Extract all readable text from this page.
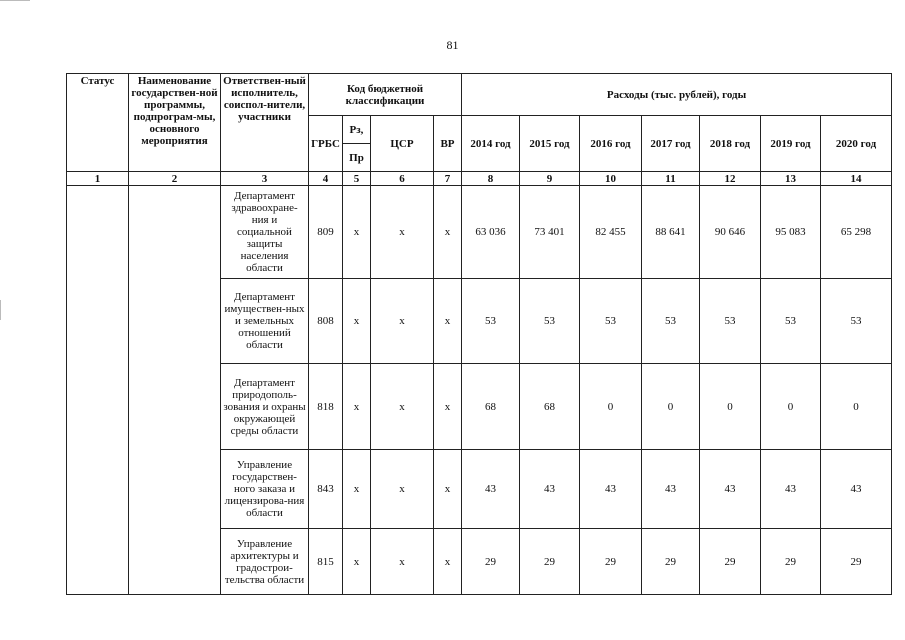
81
Статус	Наименование государствен-ной программы, подпрограм-мы, основного мероприятия	Ответствен-ный исполнитель, соиспол-нители, участники	Код бюджетной классификации				Расходы (тыс. рублей), годы						
			ГРБС	Рз,	ЦСР	ВР	2014 год	2015 год	2016 год	2017 год	2018 год	2019 год	2020 год
				Пр									
1	2	3	4	5	6	7	8	9	10	11	12	13	14
		Департамент здравоохране-ния и социальной защиты населения области	809	х	х	х	63 036	73 401	82 455	88 641	90 646	95 083	65 298
		Департамент имуществен-ных и земельных отношений области	808	х	х	х	53	53	53	53	53	53	53
		Департамент природополь-зования и охраны окружающей среды области	818	х	х	х	68	68	0	0	0	0	0
		Управление государствен-ного заказа и лицензирова-ния области	843	х	х	х	43	43	43	43	43	43	43
		Управление архитектуры и градострои-тельства области	815	х	х	х	29	29	29	29	29	29	29
